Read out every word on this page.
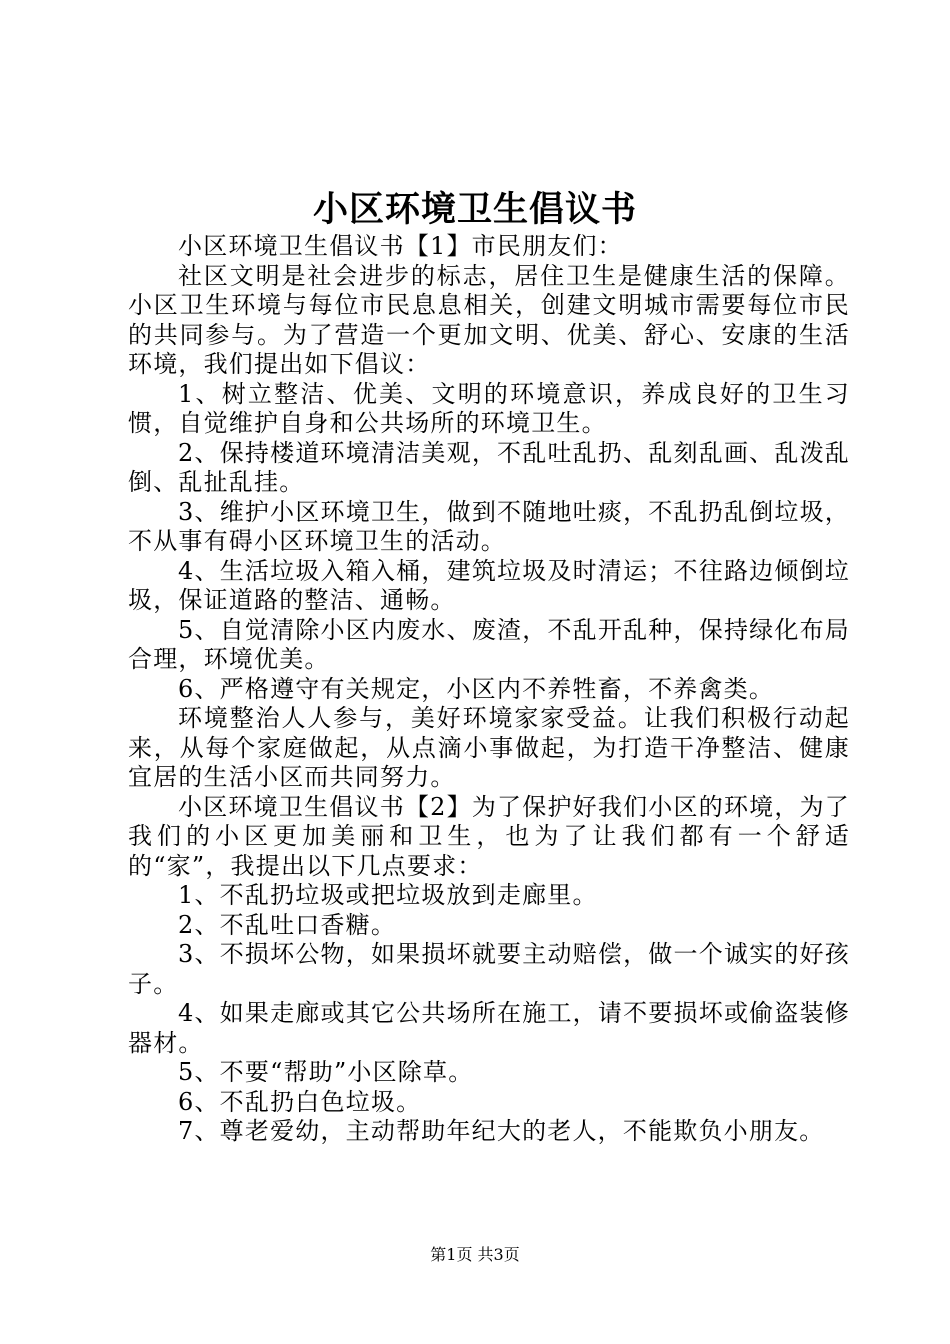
小区环境卫生倡议书

小区环境卫生倡议书【1】市民朋友们：

社区文明是社会进步的标志，居住卫生是健康生活的保障。小区卫生环境与每位市民息息相关，创建文明城市需要每位市民的共同参与。为了营造一个更加文明、优美、舒心、安康的生活环境，我们提出如下倡议：

1、树立整洁、优美、文明的环境意识，养成良好的卫生习惯，自觉维护自身和公共场所的环境卫生。

2、保持楼道环境清洁美观，不乱吐乱扔、乱刻乱画、乱泼乱倒、乱扯乱挂。

3、维护小区环境卫生，做到不随地吐痰，不乱扔乱倒垃圾，不从事有碍小区环境卫生的活动。

4、生活垃圾入箱入桶，建筑垃圾及时清运；不往路边倾倒垃圾，保证道路的整洁、通畅。

5、自觉清除小区内废水、废渣，不乱开乱种，保持绿化布局合理，环境优美。

6、严格遵守有关规定，小区内不养牲畜，不养禽类。

环境整治人人参与，美好环境家家受益。让我们积极行动起来，从每个家庭做起，从点滴小事做起，为打造干净整洁、健康宜居的生活小区而共同努力。

小区环境卫生倡议书【2】为了保护好我们小区的环境，为了我们的小区更加美丽和卫生，也为了让我们都有一个舒适的“家”，我提出以下几点要求：

1、不乱扔垃圾或把垃圾放到走廊里。

2、不乱吐口香糖。

3、不损坏公物，如果损坏就要主动赔偿，做一个诚实的好孩子。

4、如果走廊或其它公共场所在施工，请不要损坏或偷盗装修器材。

5、不要“帮助”小区除草。

6、不乱扔白色垃圾。

7、尊老爱幼，主动帮助年纪大的老人，不能欺负小朋友。

第1页 共3页
